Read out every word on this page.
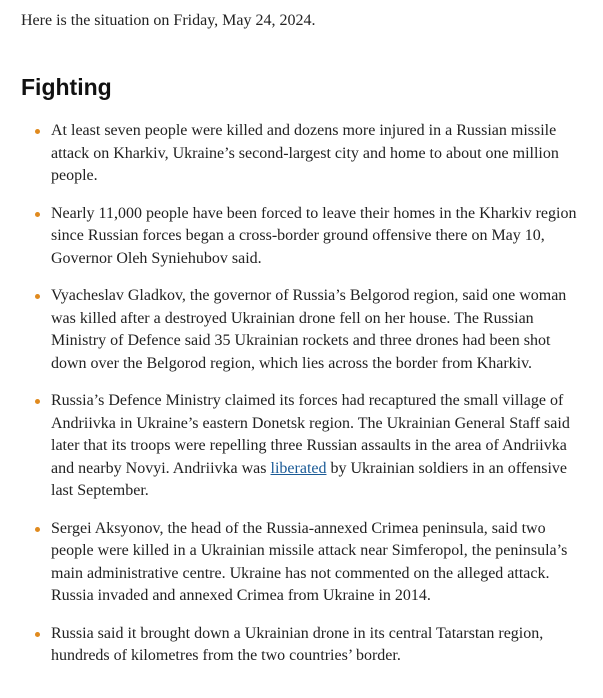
Here is the situation on Friday, May 24, 2024.

Fighting
At least seven people were killed and dozens more injured in a Russian missile attack on Kharkiv, Ukraine’s second-largest city and home to about one million people.
Nearly 11,000 people have been forced to leave their homes in the Kharkiv region since Russian forces began a cross-border ground offensive there on May 10, Governor Oleh Syniehubov said.
Vyacheslav Gladkov, the governor of Russia’s Belgorod region, said one woman was killed after a destroyed Ukrainian drone fell on her house. The Russian Ministry of Defence said 35 Ukrainian rockets and three drones had been shot down over the Belgorod region, which lies across the border from Kharkiv.
Russia’s Defence Ministry claimed its forces had recaptured the small village of Andriivka in Ukraine’s eastern Donetsk region. The Ukrainian General Staff said later that its troops were repelling three Russian assaults in the area of Andriivka and nearby Novyi. Andriivka was liberated by Ukrainian soldiers in an offensive last September.
Sergei Aksyonov, the head of the Russia-annexed Crimea peninsula, said two people were killed in a Ukrainian missile attack near Simferopol, the peninsula’s main administrative centre. Ukraine has not commented on the alleged attack. Russia invaded and annexed Crimea from Ukraine in 2014.
Russia said it brought down a Ukrainian drone in its central Tatarstan region, hundreds of kilometres from the two countries’ border.
